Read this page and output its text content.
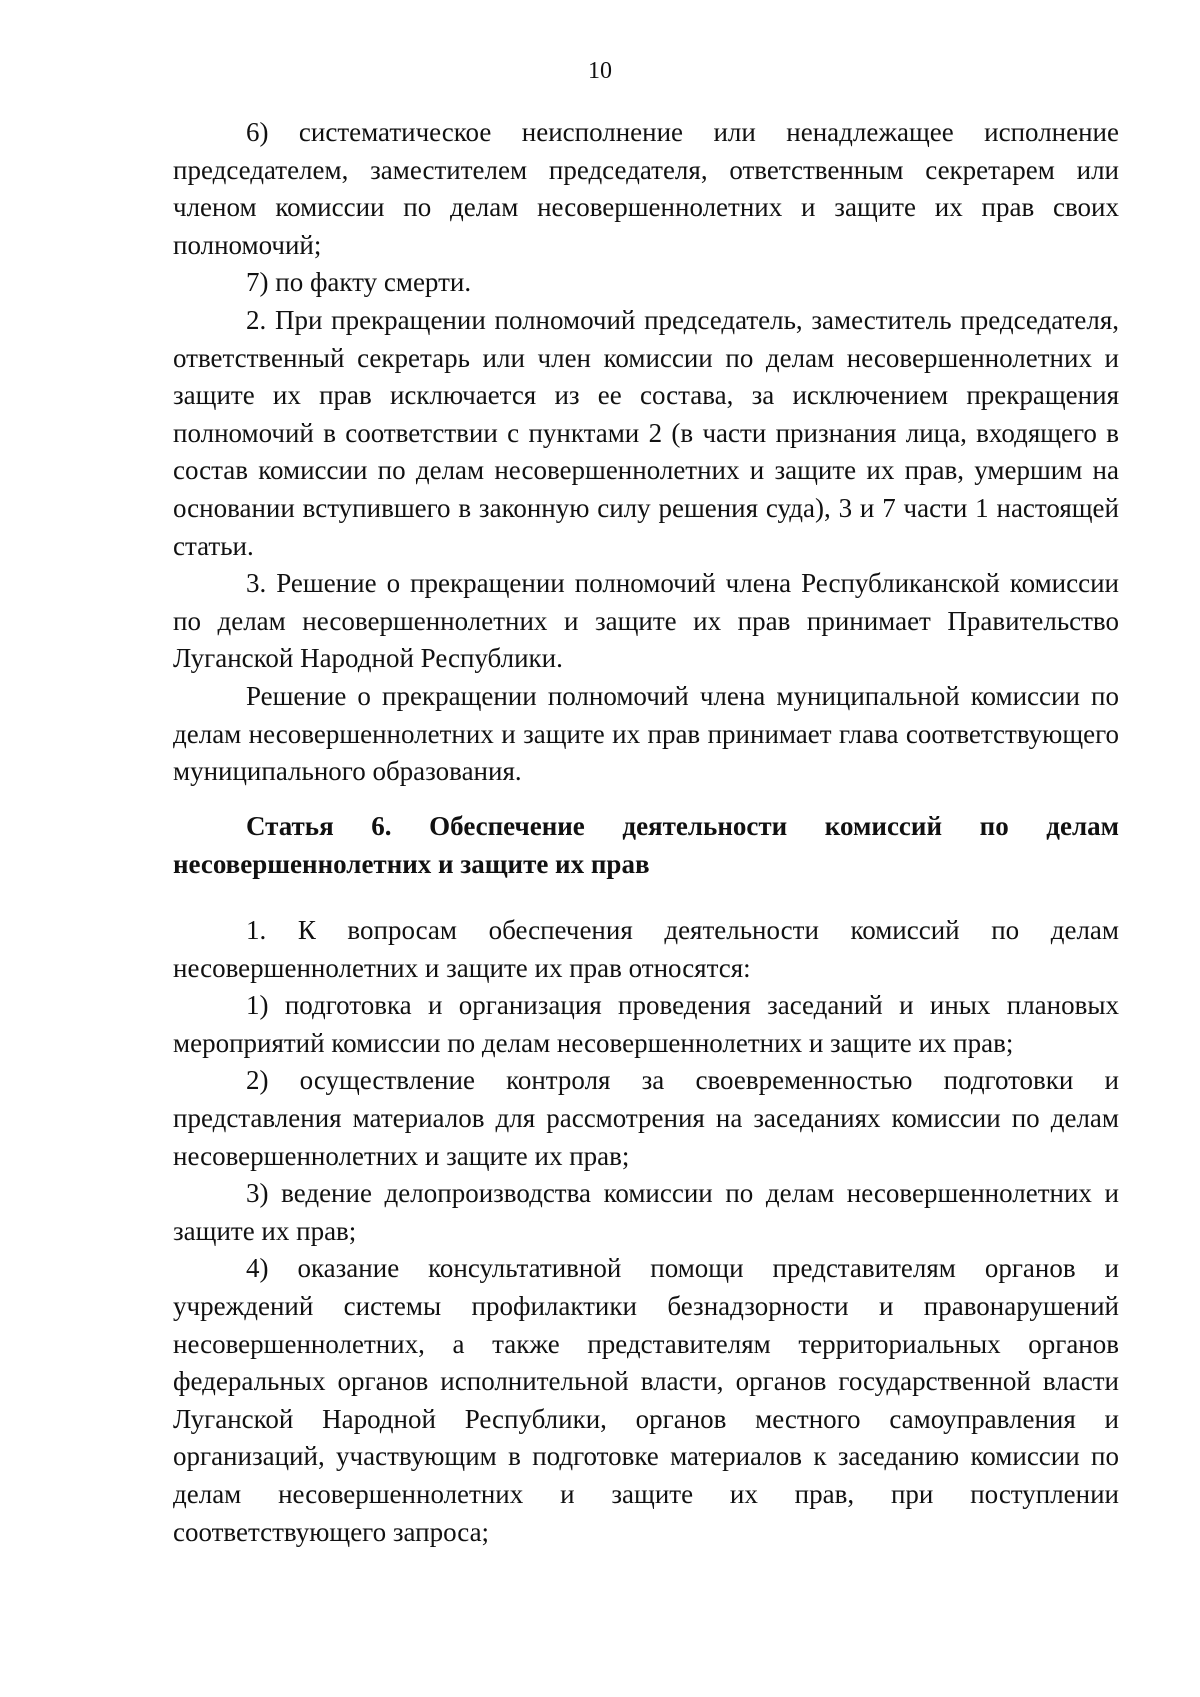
10

6) систематическое неисполнение или ненадлежащее исполнение председателем, заместителем председателя, ответственным секретарем или членом комиссии по делам несовершеннолетних и защите их прав своих полномочий;

7) по факту смерти.

2. При прекращении полномочий председатель, заместитель председателя, ответственный секретарь или член комиссии по делам несовершеннолетних и защите их прав исключается из ее состава, за исключением прекращения полномочий в соответствии с пунктами 2 (в части признания лица, входящего в состав комиссии по делам несовершеннолетних и защите их прав, умершим на основании вступившего в законную силу решения суда), 3 и 7 части 1 настоящей статьи.

3. Решение о прекращении полномочий члена Республиканской комиссии по делам несовершеннолетних и защите их прав принимает Правительство Луганской Народной Республики.

Решение о прекращении полномочий члена муниципальной комиссии по делам несовершеннолетних и защите их прав принимает глава соответствующего муниципального образования.

Статья 6. Обеспечение деятельности комиссий по делам несовершеннолетних и защите их прав

1. К вопросам обеспечения деятельности комиссий по делам несовершеннолетних и защите их прав относятся:

1) подготовка и организация проведения заседаний и иных плановых мероприятий комиссии по делам несовершеннолетних и защите их прав;

2) осуществление контроля за своевременностью подготовки и представления материалов для рассмотрения на заседаниях комиссии по делам несовершеннолетних и защите их прав;

3) ведение делопроизводства комиссии по делам несовершеннолетних и защите их прав;

4) оказание консультативной помощи представителям органов и учреждений системы профилактики безнадзорности и правонарушений несовершеннолетних, а также представителям территориальных органов федеральных органов исполнительной власти, органов государственной власти Луганской Народной Республики, органов местного самоуправления и организаций, участвующим в подготовке материалов к заседанию комиссии по делам несовершеннолетних и защите их прав, при поступлении соответствующего запроса;
